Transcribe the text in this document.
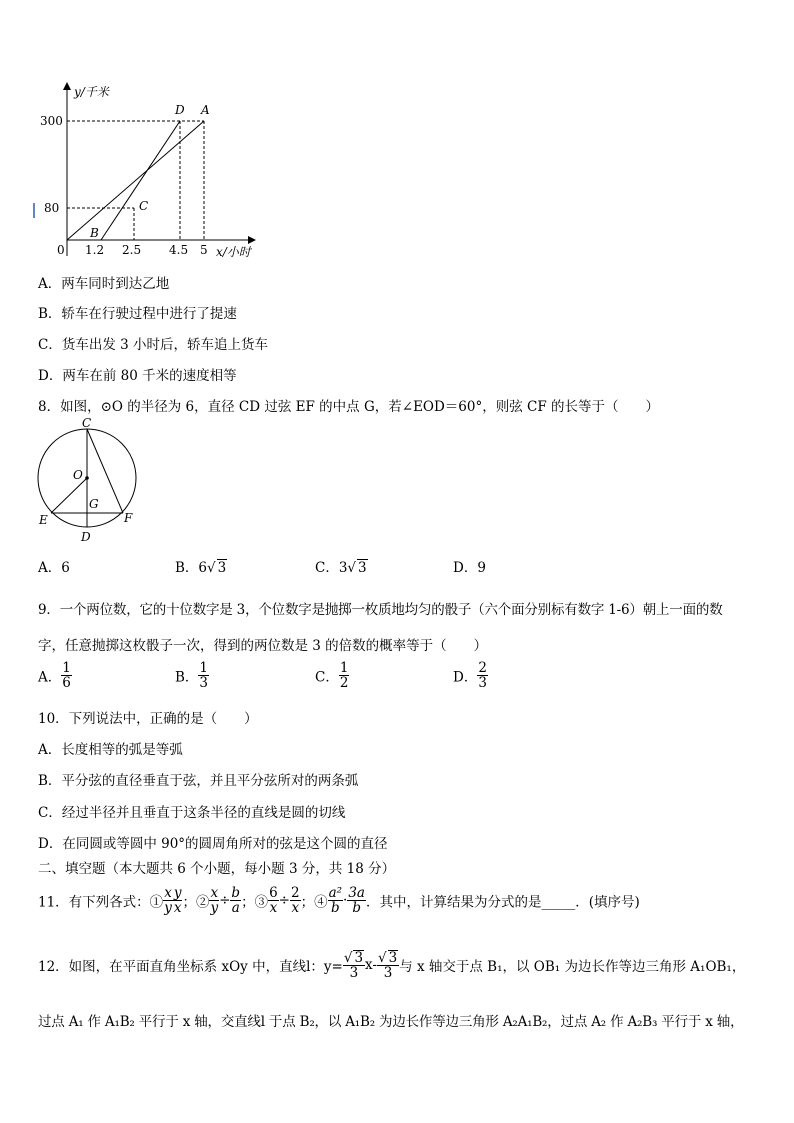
y/千米
x/小时
0
300
80
1.2 2.5 4.5 5
D A
C
B
A．两车同时到达乙地
B．轿车在行驶过程中进行了提速
C．货车出发 3 小时后，轿车追上货车
D．两车在前 80 千米的速度相等
8．如图，⊙O 的半径为 6，直径 CD 过弦 EF 的中点 G，若∠EOD＝60°，则弦 CF 的长等于（　　）
C
O
G
E	F
D
A．6	B．6√ 3	C．3√ 3	D．9
9．一个两位数，它的十位数字是 3，个位数字是抛掷一枚质地均匀的骰子（六个面分别标有数字 1-6）朝上一面的数
字，任意抛掷这枚骰子一次，得到的两位数是 3 的倍数的概率等于（　　）
A． $\frac{1}{6}$	B． $\frac{1}{3}$	C． $\frac{1}{2}$	D． $\frac{2}{3}$
10．下列说法中，正确的是（　　）
A．长度相等的弧是等弧
B．平分弦的直径垂直于弦，并且平分弦所对的两条弧
C．经过半径并且垂直于这条半径的直线是圆的切线
D．在同圆或等圆中 90°的圆周角所对的弦是这个圆的直径
二、填空题（本大题共 6 个小题，每小题 3 分，共 18 分）
11．有下列各式：① $\frac{x}{y} \frac{y}{x}$ ；② $\frac{x}{y} \div \frac{b}{a}$ ；③ $\frac{6}{x} \div \frac{2}{x}$ ；④ $\frac{\text{a²}}{b} \cdot \frac{3a}{b}$ ．其中，计算结果为分式的是_____．(填序号)
12．如图，在平面直角坐标系 xOy 中，直线l：$y= \frac{√ 3}{3} x- \frac{√ 3}{3}$ 与 x 轴交于点 B₁，以 OB₁ 为边长作等边三角形 A₁OB₁，
过点 A₁ 作 A₁B₂ 平行于 x 轴，交直线l 于点 B₂，以 A₁B₂ 为边长作等边三角形 A₂A₁B₂，过点 A₂ 作 A₂B₃ 平行于 x 轴，
